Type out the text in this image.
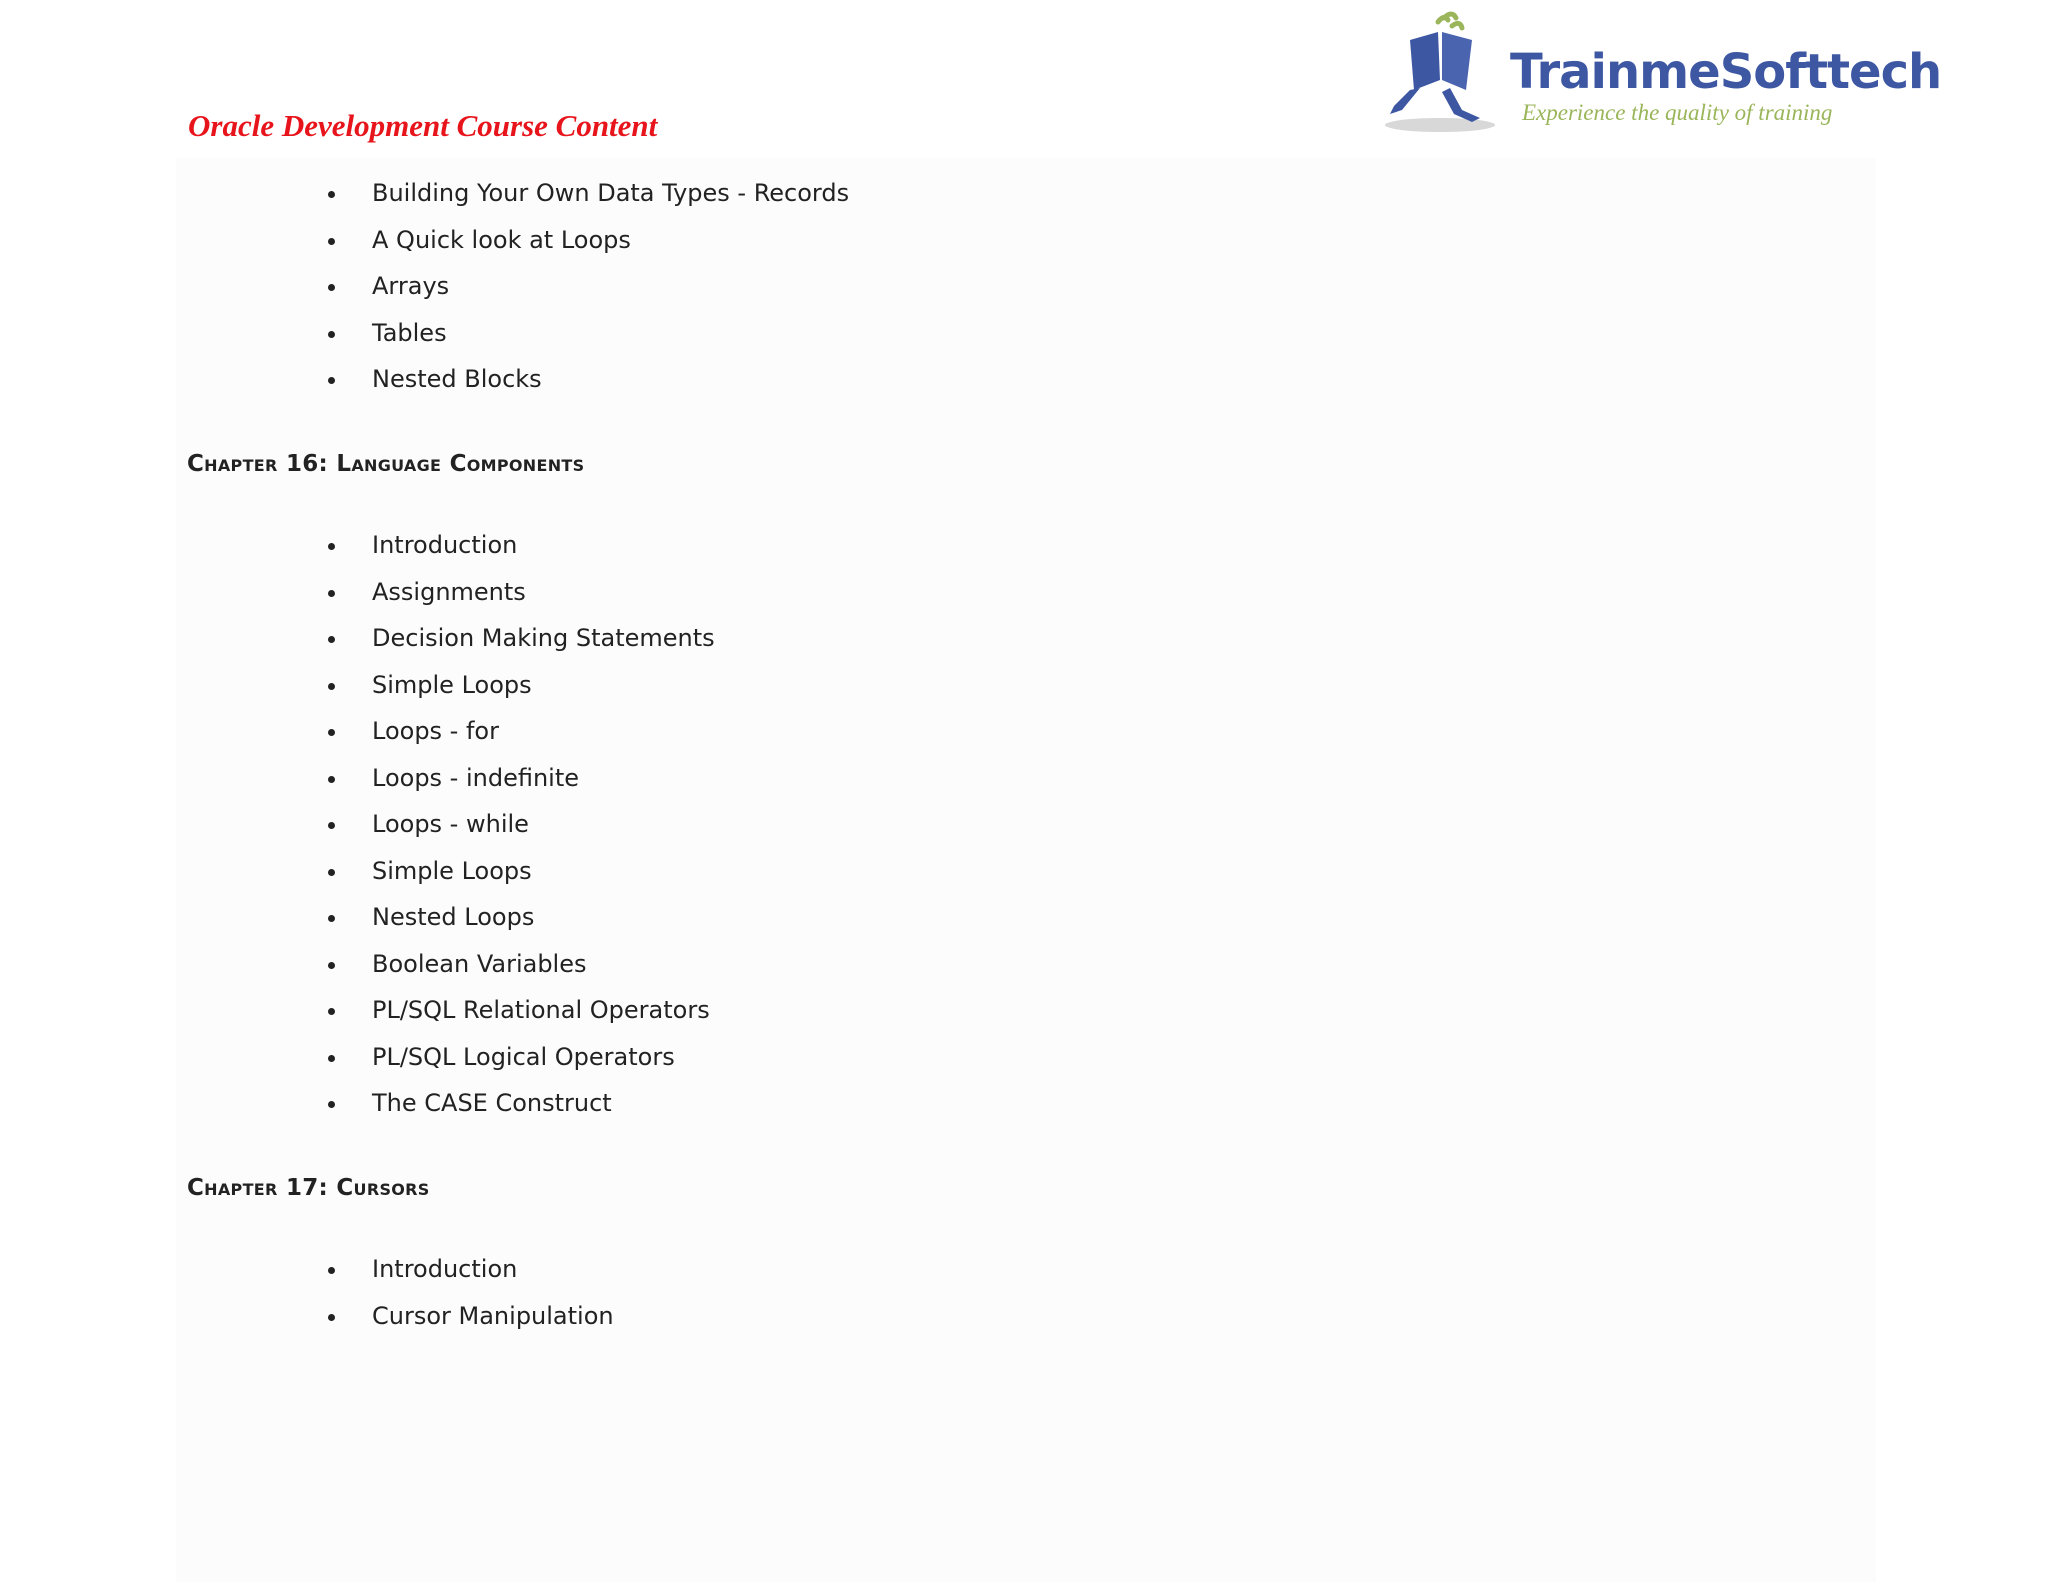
Oracle Development Course Content
TrainmeSofttech
Experience the quality of training
Building Your Own Data Types - Records
A Quick look at Loops
Arrays
Tables
Nested Blocks
Chapter 16: Language Components
Introduction
Assignments
Decision Making Statements
Simple Loops
Loops - for
Loops - indefinite
Loops - while
Simple Loops
Nested Loops
Boolean Variables
PL/SQL Relational Operators
PL/SQL Logical Operators
The CASE Construct
Chapter 17: Cursors
Introduction
Cursor Manipulation
